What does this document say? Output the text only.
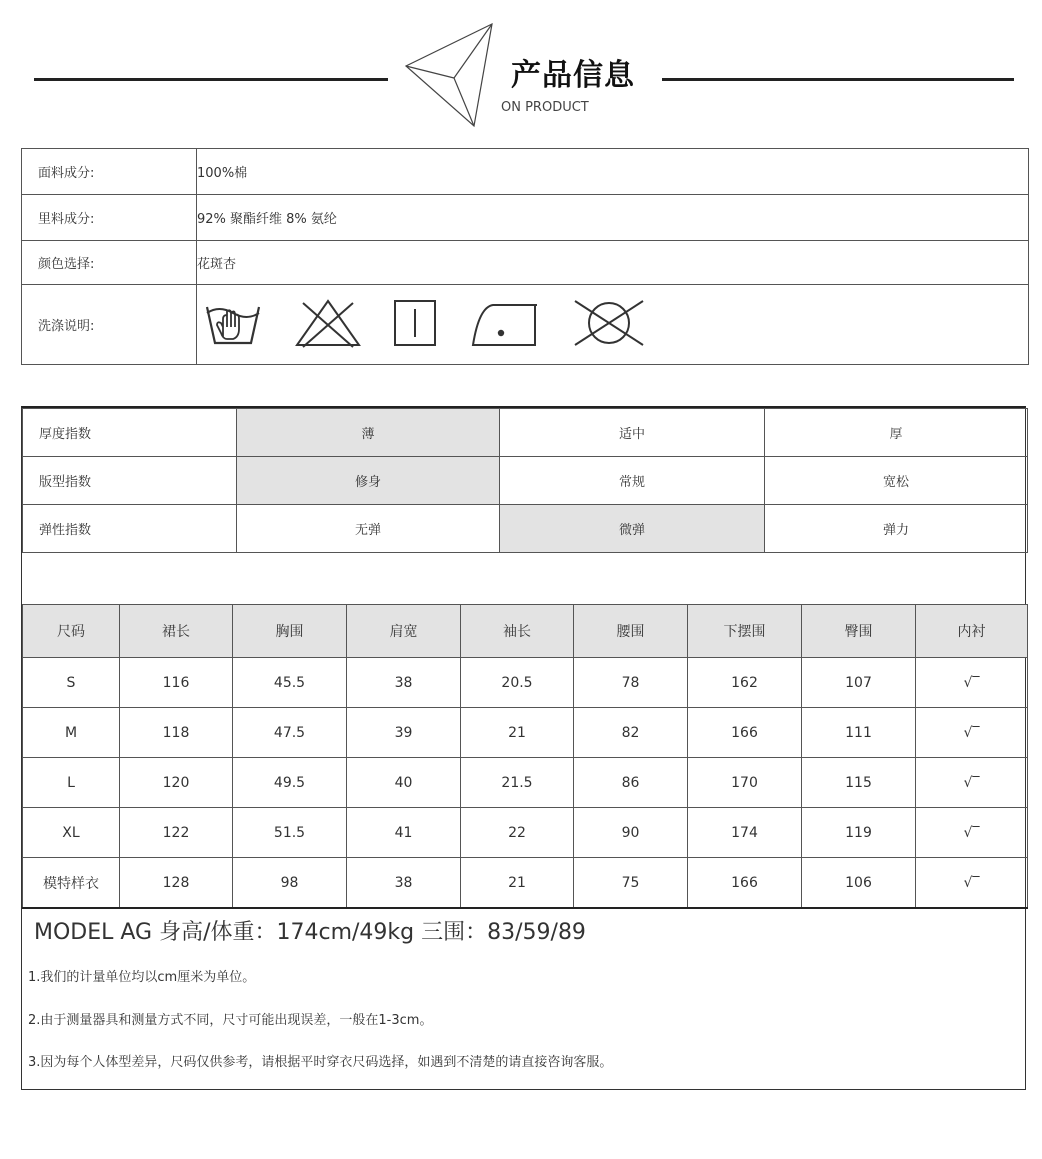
产品信息
ON PRODUCT
面料成分:	100%棉
里料成分:	92% 聚酯纤维 8% 氨纶
颜色选择:	花斑杏
洗涤说明:	
厚度指数	薄	适中	厚
版型指数	修身	常规	宽松
弹性指数	无弹	微弹	弹力
尺码	裙长	胸围	肩宽	袖长	腰围	下摆围	臀围	内衬
S	116	45.5	38	20.5	78	162	107	√‾
M	118	47.5	39	21	82	166	111	√‾
L	120	49.5	40	21.5	86	170	115	√‾
XL	122	51.5	41	22	90	174	119	√‾
模特样衣	128	98	38	21	75	166	106	√‾
MODEL AG 身高/体重：174cm/49kg 三围：83/59/89
1.我们的计量单位均以cm厘米为单位。
2.由于测量器具和测量方式不同，尺寸可能出现误差，一般在1-3cm。
3.因为每个人体型差异，尺码仅供参考，请根据平时穿衣尺码选择，如遇到不清楚的请直接咨询客服。
